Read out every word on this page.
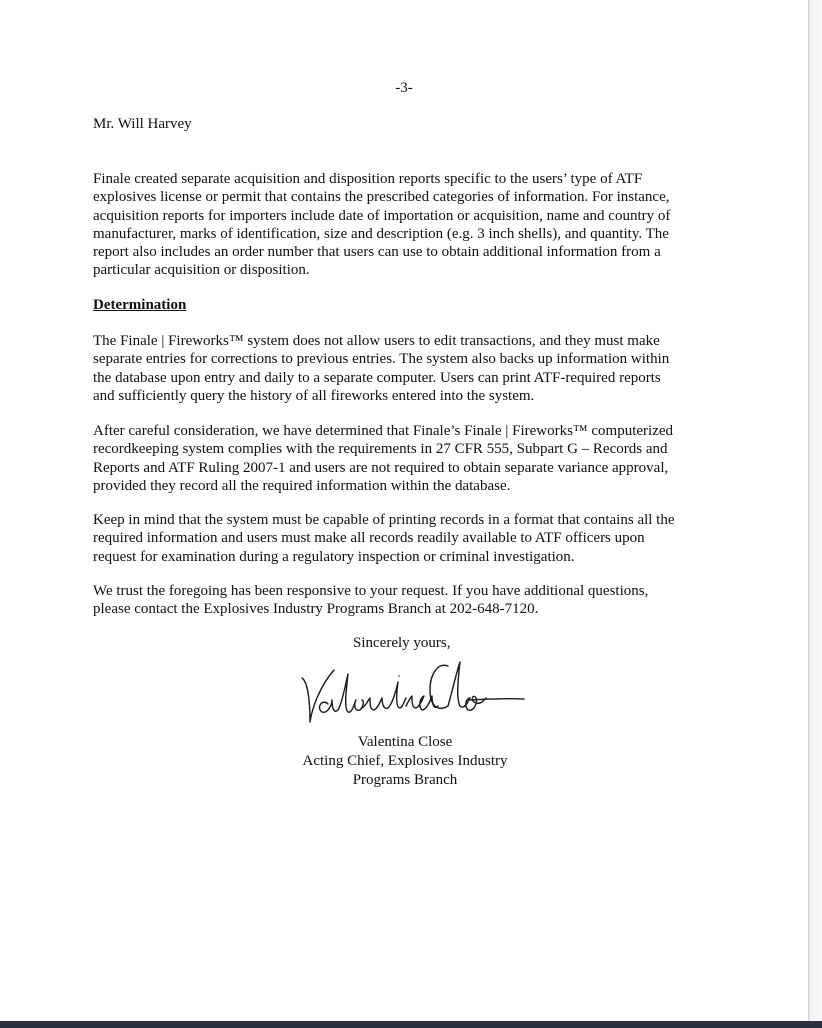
-3-
Mr. Will Harvey

Finale created separate acquisition and disposition reports specific to the users’ type of ATF
explosives license or permit that contains the prescribed categories of information. For instance,
acquisition reports for importers include date of importation or acquisition, name and country of
manufacturer, marks of identification, size and description (e.g. 3 inch shells), and quantity. The
report also includes an order number that users can use to obtain additional information from a
particular acquisition or disposition.

Determination

The Finale | Fireworks™ system does not allow users to edit transactions, and they must make
separate entries for corrections to previous entries. The system also backs up information within
the database upon entry and daily to a separate computer. Users can print ATF-required reports
and sufficiently query the history of all fireworks entered into the system.

After careful consideration, we have determined that Finale’s Finale | Fireworks™ computerized
recordkeeping system complies with the requirements in 27 CFR 555, Subpart G – Records and
Reports and ATF Ruling 2007-1 and users are not required to obtain separate variance approval,
provided they record all the required information within the database.

Keep in mind that the system must be capable of printing records in a format that contains all the
required information and users must make all records readily available to ATF officers upon
request for examination during a regulatory inspection or criminal investigation.

We trust the foregoing has been responsive to your request. If you have additional questions,
please contact the Explosives Industry Programs Branch at 202-648-7120.

Sincerely yours,
Valentina Close
Acting Chief, Explosives Industry
Programs Branch
